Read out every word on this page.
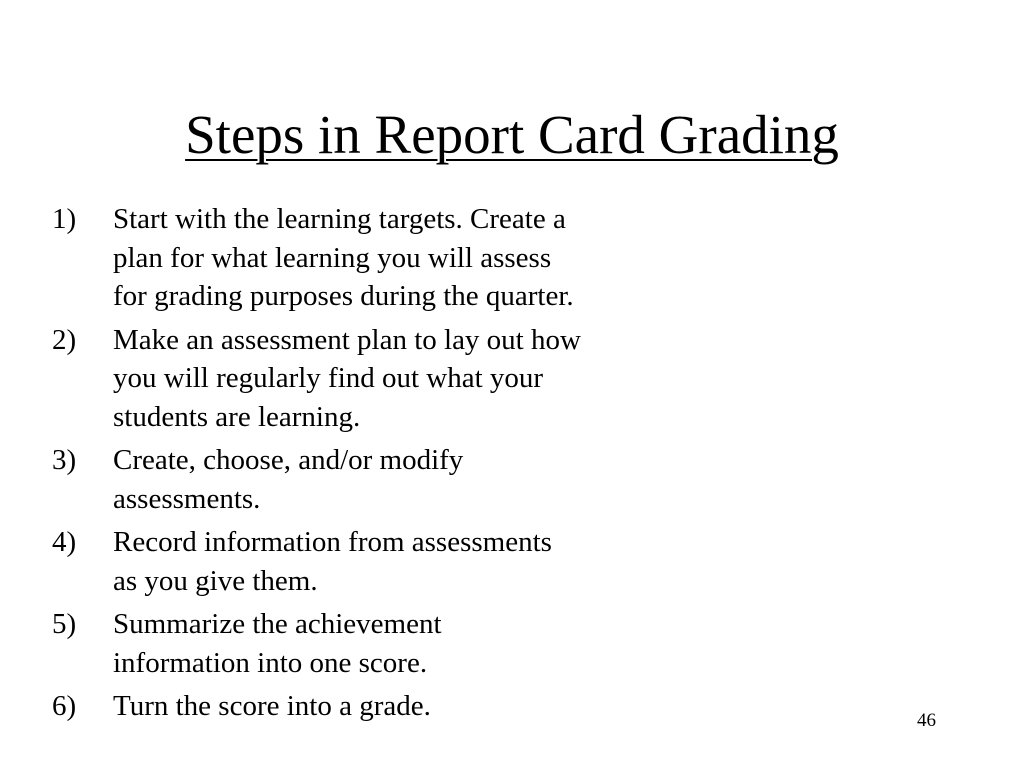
Steps in Report Card Grading
1) Start with the learning targets. Create a
plan for what learning you will assess
for grading purposes during the quarter.
2) Make an assessment plan to lay out how
you will regularly find out what your
students are learning.
3) Create, choose, and/or modify
assessments.
4) Record information from assessments
as you give them.
5) Summarize the achievement
information into one score.
6) Turn the score into a grade.	46
